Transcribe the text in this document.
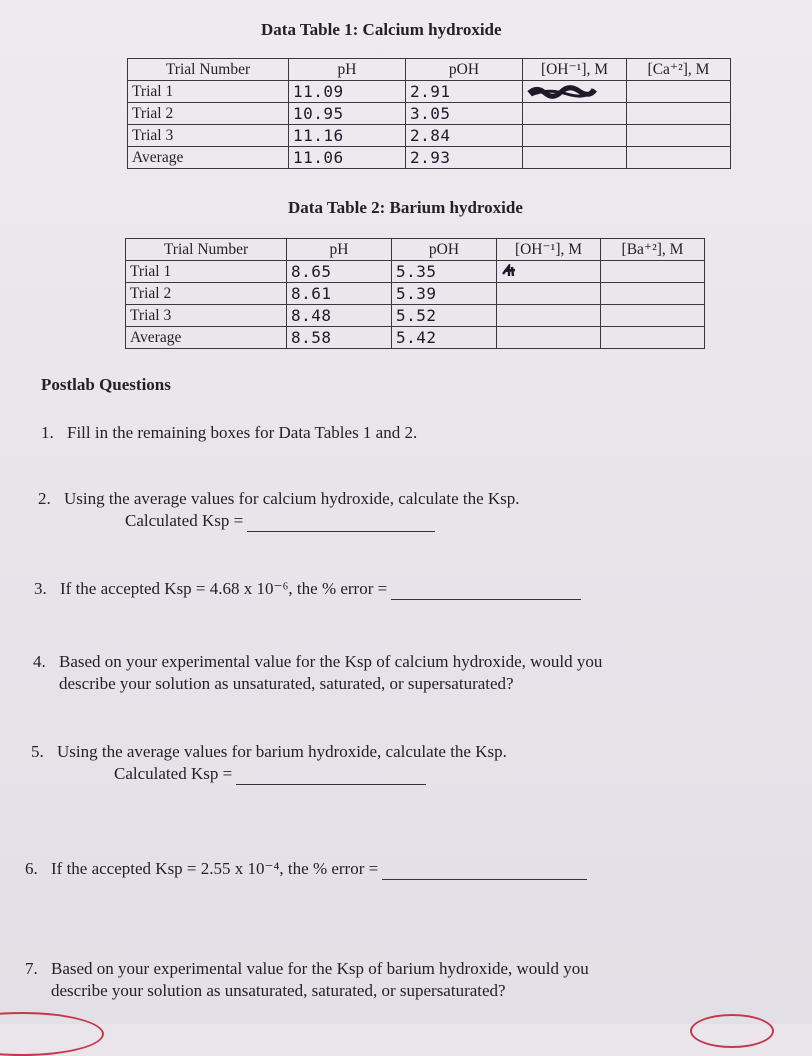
Data Table 1: Calcium hydroxide
Trial Number	pH	pOH	[OH⁻¹], M	[Ca⁺²], M
Trial 1	11.09	2.91		
Trial 2	10.95	3.05		
Trial 3	11.16	2.84		
Average	11.06	2.93		
Data Table 2: Barium hydroxide
Trial Number	pH	pOH	[OH⁻¹], M	[Ba⁺²], M
Trial 1	8.65	5.35		
Trial 2	8.61	5.39		
Trial 3	8.48	5.52		
Average	8.58	5.42		
Postlab Questions
1. Fill in the remaining boxes for Data Tables 1 and 2.
2. Using the average values for calcium hydroxide, calculate the Ksp.
Calculated Ksp =
3. If the accepted Ksp = 4.68 x 10⁻⁶, the % error =
4. Based on your experimental value for the Ksp of calcium hydroxide, would you
describe your solution as unsaturated, saturated, or supersaturated?
5. Using the average values for barium hydroxide, calculate the Ksp.
Calculated Ksp =
6. If the accepted Ksp = 2.55 x 10⁻⁴, the % error =
7. Based on your experimental value for the Ksp of barium hydroxide, would you
describe your solution as unsaturated, saturated, or supersaturated?
